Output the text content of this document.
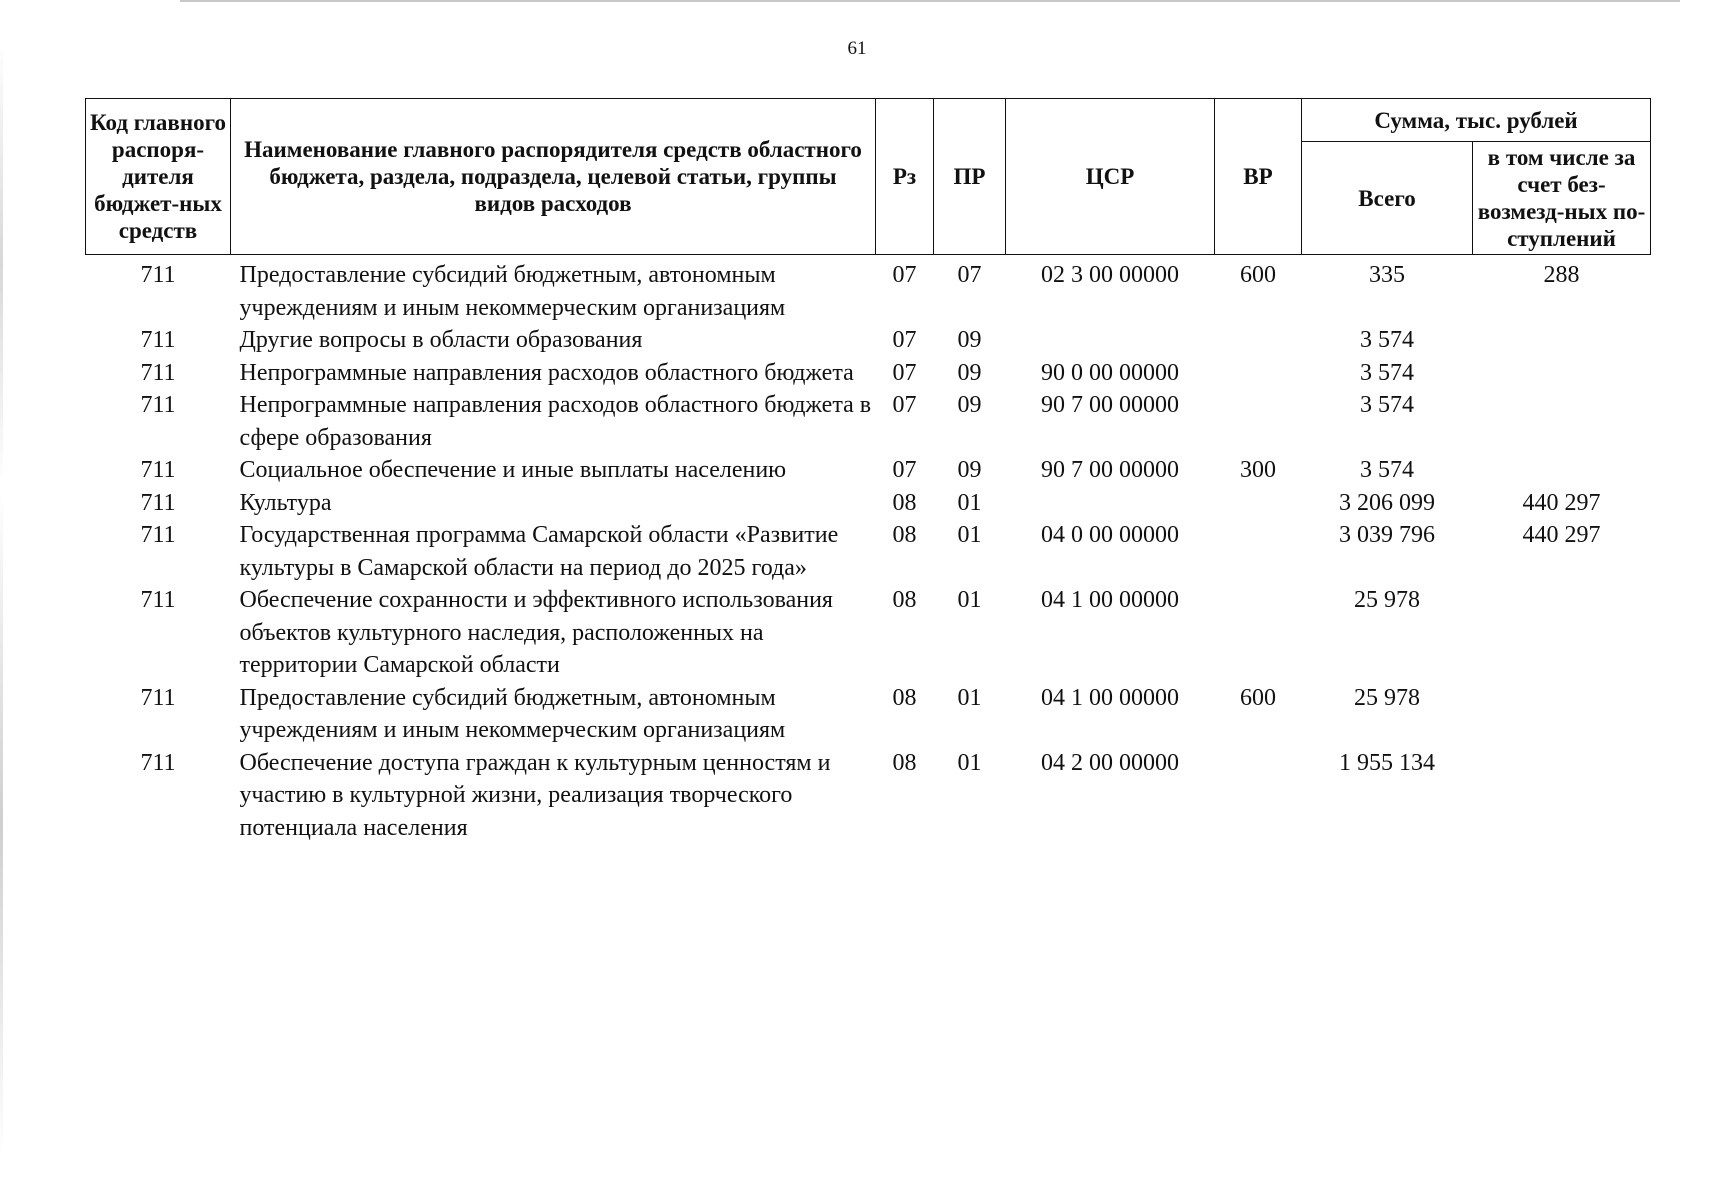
61
Код главного распоря-дителя бюджет-ных средств	Наименование главного распорядителя средств областного бюджета, раздела, подраздела, целевой статьи, группы видов расходов	Рз	ПР	ЦСР	ВР	Сумма, тыс. рублей	
						Всего	в том числе за счет без-возмезд-ных по-ступлений
711	Предоставление субсидий бюджетным, автономным учреждениям и иным некоммерческим организациям	07	07	02 3 00 00000	600	335	288
711	Другие вопросы в области образования	07	09			3 574	
711	Непрограммные направления расходов областного бюджета	07	09	90 0 00 00000		3 574	
711	Непрограммные направления расходов областного бюджета в сфере образования	07	09	90 7 00 00000		3 574	
711	Социальное обеспечение и иные выплаты населению	07	09	90 7 00 00000	300	3 574	
711	Культура	08	01			3 206 099	440 297
711	Государственная программа Самарской области «Развитие культуры в Самарской области на период до 2025 года»	08	01	04 0 00 00000		3 039 796	440 297
711	Обеспечение сохранности и эффективного использования объектов культурного наследия, расположенных на территории Самарской области	08	01	04 1 00 00000		25 978	
711	Предоставление субсидий бюджетным, автономным учреждениям и иным некоммерческим организациям	08	01	04 1 00 00000	600	25 978	
711	Обеспечение доступа граждан к культурным ценностям и участию в культурной жизни, реализация творческого потенциала населения	08	01	04 2 00 00000		1 955 134	
